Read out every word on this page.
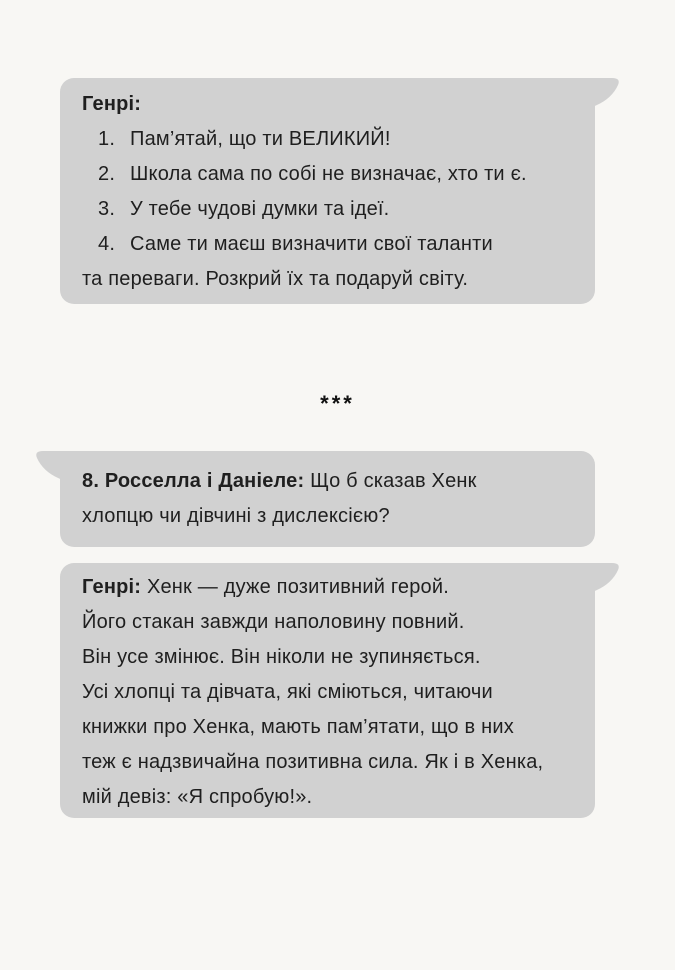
Генрі:
1. Пам’ятай, що ти ВЕЛИКИЙ!
2. Школа сама по собі не визначає, хто ти є.
3. У тебе чудові думки та ідеї.
4. Саме ти маєш визначити свої таланти
та переваги. Розкрий їх та подаруй світу.
***
8. Росселла і Даніеле: Що б сказав Хенк
хлопцю чи дівчині з дислексією?
Генрі: Хенк — дуже позитивний герой.
Його стакан завжди наполовину повний.
Він усе змінює. Він ніколи не зупиняється.
Усі хлопці та дівчата, які сміються, читаючи
книжки про Хенка, мають пам’ятати, що в них
теж є надзвичайна позитивна сила. Як і в Хенка,
мій девіз: «Я спробую!».
